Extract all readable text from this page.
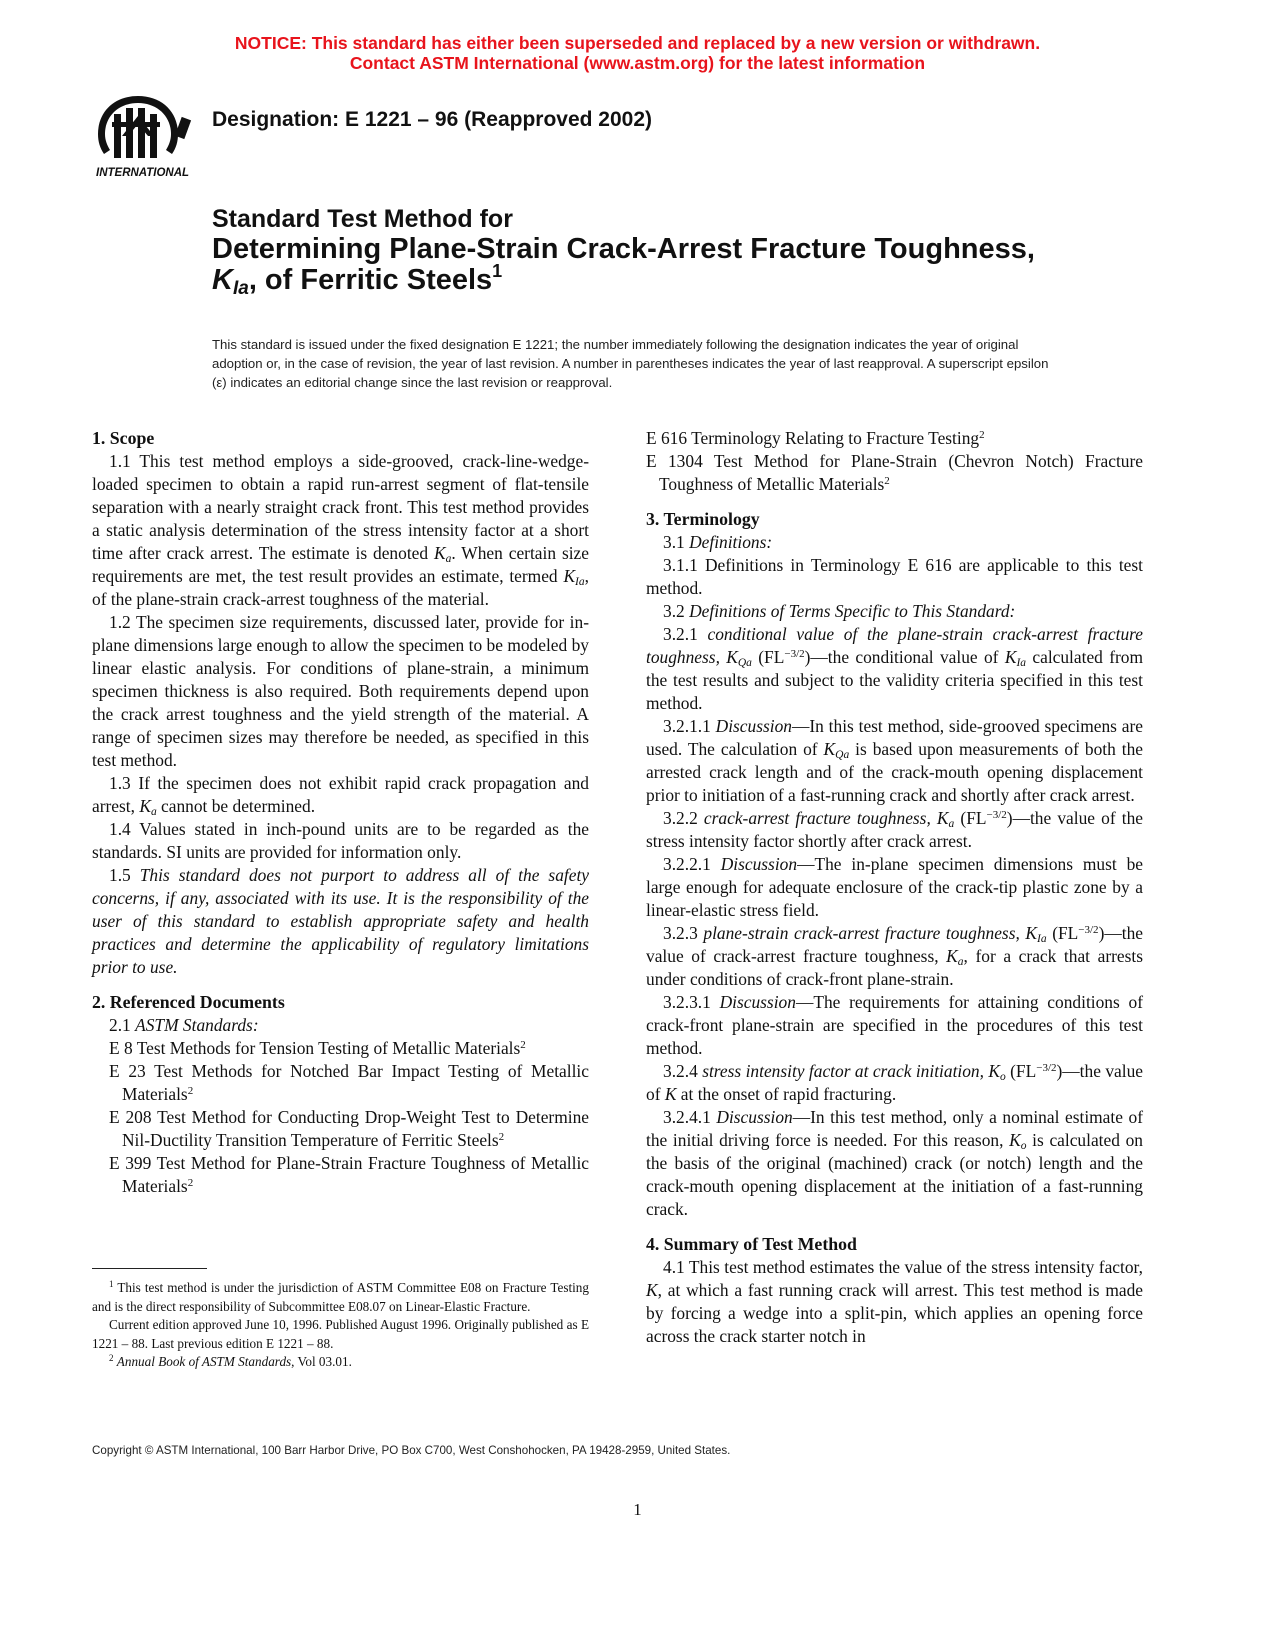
NOTICE: This standard has either been superseded and replaced by a new version or withdrawn.
Contact ASTM International (www.astm.org) for the latest information
INTERNATIONAL
Designation: E 1221 – 96 (Reapproved 2002)
Standard Test Method for
Determining Plane-Strain Crack-Arrest Fracture Toughness,
$K_{Ia}$, of Ferritic Steels$^1$
This standard is issued under the fixed designation E 1221; the number immediately following the designation indicates the year of original adoption or, in the case of revision, the year of last revision. A number in parentheses indicates the year of last reapproval. A superscript epsilon (ε) indicates an editorial change since the last revision or reapproval.
1. Scope

1.1 This test method employs a side-grooved, crack-line-wedge-loaded specimen to obtain a rapid run-arrest segment of flat-tensile separation with a nearly straight crack front. This test method provides a static analysis determination of the stress intensity factor at a short time after crack arrest. The estimate is denoted $K_a$. When certain size requirements are met, the test result provides an estimate, termed $K_{Ia}$, of the plane-strain crack-arrest toughness of the material.

1.2 The specimen size requirements, discussed later, provide for in-plane dimensions large enough to allow the specimen to be modeled by linear elastic analysis. For conditions of plane-strain, a minimum specimen thickness is also required. Both requirements depend upon the crack arrest toughness and the yield strength of the material. A range of specimen sizes may therefore be needed, as specified in this test method.

1.3 If the specimen does not exhibit rapid crack propagation and arrest, $K_a$ cannot be determined.

1.4 Values stated in inch-pound units are to be regarded as the standards. SI units are provided for information only.

1.5 This standard does not purport to address all of the safety concerns, if any, associated with its use. It is the responsibility of the user of this standard to establish appropriate safety and health practices and determine the applicability of regulatory limitations prior to use.

2. Referenced Documents

2.1 ASTM Standards:

E 8 Test Methods for Tension Testing of Metallic Materials$^2$

E 23 Test Methods for Notched Bar Impact Testing of Metallic Materials$^2$

E 208 Test Method for Conducting Drop-Weight Test to Determine Nil-Ductility Transition Temperature of Ferritic Steels$^2$

E 399 Test Method for Plane-Strain Fracture Toughness of Metallic Materials$^2$

E 616 Terminology Relating to Fracture Testing$^2$

E 1304 Test Method for Plane-Strain (Chevron Notch) Fracture Toughness of Metallic Materials$^2$

3. Terminology

3.1 Definitions:

3.1.1 Definitions in Terminology E 616 are applicable to this test method.

3.2 Definitions of Terms Specific to This Standard:

3.2.1 conditional value of the plane-strain crack-arrest fracture toughness, $K_{Qa}$ $(FL^{-3/2})—the$ conditional value of $K_{Ia}$ calculated from the test results and subject to the validity criteria specified in this test method.

3.2.1.1 Discussion—In this test method, side-grooved specimens are used. The calculation of $K_{Qa}$ is based upon measurements of both the arrested crack length and of the crack-mouth opening displacement prior to initiation of a fast-running crack and shortly after crack arrest.

3.2.2 crack-arrest fracture toughness, $K_a$ $(FL^{-3/2})—the$ value of the stress intensity factor shortly after crack arrest.

3.2.2.1 Discussion—The in-plane specimen dimensions must be large enough for adequate enclosure of the crack-tip plastic zone by a linear-elastic stress field.

3.2.3 plane-strain crack-arrest fracture toughness, $K_{Ia}$ $(FL^{-3/2})—the$ value of crack-arrest fracture toughness, $K_a$, for a crack that arrests under conditions of crack-front plane-strain.

3.2.3.1 Discussion—The requirements for attaining conditions of crack-front plane-strain are specified in the procedures of this test method.

3.2.4 stress intensity factor at crack initiation, $K_o$ $(FL^{-3/2})—the$ value of K at the onset of rapid fracturing.

3.2.4.1 Discussion—In this test method, only a nominal estimate of the initial driving force is needed. For this reason, $K_o$ is calculated on the basis of the original (machined) crack (or notch) length and the crack-mouth opening displacement at the initiation of a fast-running crack.

4. Summary of Test Method

4.1 This test method estimates the value of the stress intensity factor, K, at which a fast running crack will arrest. This test method is made by forcing a wedge into a split-pin, which applies an opening force across the crack starter notch in

$^1$ This test method is under the jurisdiction of ASTM Committee E08 on Fracture Testing and is the direct responsibility of Subcommittee E08.07 on Linear-Elastic Fracture.

Current edition approved June 10, 1996. Published August 1996. Originally published as E 1221 – 88. Last previous edition E 1221 – 88.

$^2$ Annual Book of ASTM Standards, Vol 03.01.

Copyright © ASTM International, 100 Barr Harbor Drive, PO Box C700, West Conshohocken, PA 19428-2959, United States.
1
